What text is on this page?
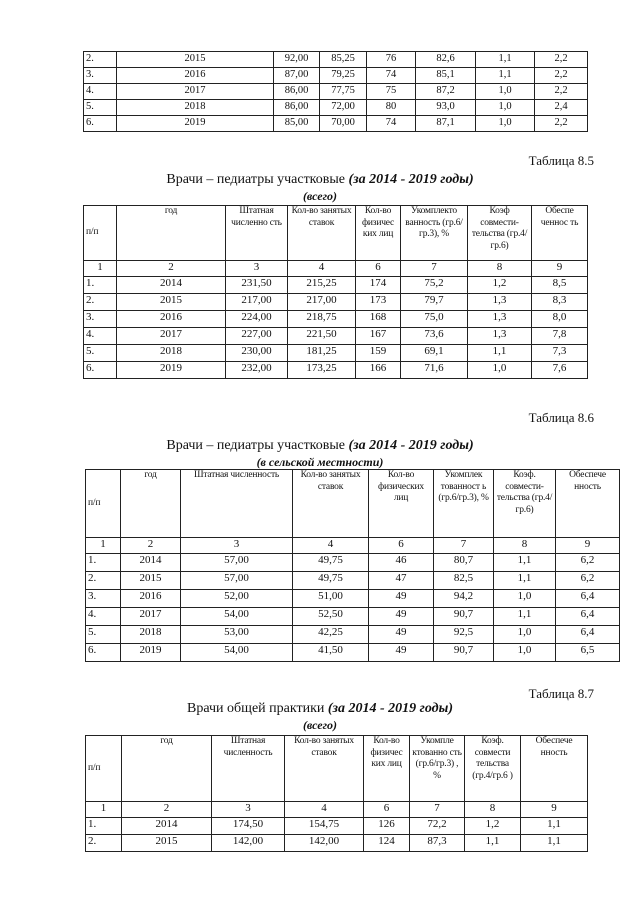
2.	2015	92,00	85,25	76	82,6	1,1	2,2
3.	2016	87,00	79,25	74	85,1	1,1	2,2
4.	2017	86,00	77,75	75	87,2	1,0	2,2
5.	2018	86,00	72,00	80	93,0	1,0	2,4
6.	2019	85,00	70,00	74	87,1	1,0	2,2
Таблица 8.5
Врачи – педиатры участковые (за 2014 - 2019 годы)
(всего)
п/п	год	Штатная численно сть	Кол-во занятых ставок	Кол-во физичес ких лиц	Укомплекто ванность (гр.6/гр.3), %	Коэф совмести- тельства (гр.4/гр.6)	Обеспе ченнос ть
1	2	3	4	6	7	8	9
1.	2014	231,50	215,25	174	75,2	1,2	8,5
2.	2015	217,00	217,00	173	79,7	1,3	8,3
3.	2016	224,00	218,75	168	75,0	1,3	8,0
4.	2017	227,00	221,50	167	73,6	1,3	7,8
5.	2018	230,00	181,25	159	69,1	1,1	7,3
6.	2019	232,00	173,25	166	71,6	1,0	7,6
Таблица 8.6
Врачи – педиатры участковые (за 2014 - 2019 годы)
(в сельской местности)
п/п	год	Штатная численность	Кол-во занятых ставок	Кол-во физических лиц	Укомплек тованност ь (гр.6/гр.3), %	Коэф. совмести- тельства (гр.4/гр.6)	Обеспече нность
1	2	3	4	6	7	8	9
1.	2014	57,00	49,75	46	80,7	1,1	6,2
2.	2015	57,00	49,75	47	82,5	1,1	6,2
3.	2016	52,00	51,00	49	94,2	1,0	6,4
4.	2017	54,00	52,50	49	90,7	1,1	6,4
5.	2018	53,00	42,25	49	92,5	1,0	6,4
6.	2019	54,00	41,50	49	90,7	1,0	6,5
Таблица 8.7
Врачи общей практики (за 2014 - 2019 годы)
(всего)
п/п	год	Штатная численность	Кол-во занятых ставок	Кол-во физичес ких лиц	Укомпле ктованно сть (гр.6/гр.3) , %	Коэф. совмести тельства (гр.4/гр.6 )	Обеспече нность
1	2	3	4	6	7	8	9
1.	2014	174,50	154,75	126	72,2	1,2	1,1
2.	2015	142,00	142,00	124	87,3	1,1	1,1
